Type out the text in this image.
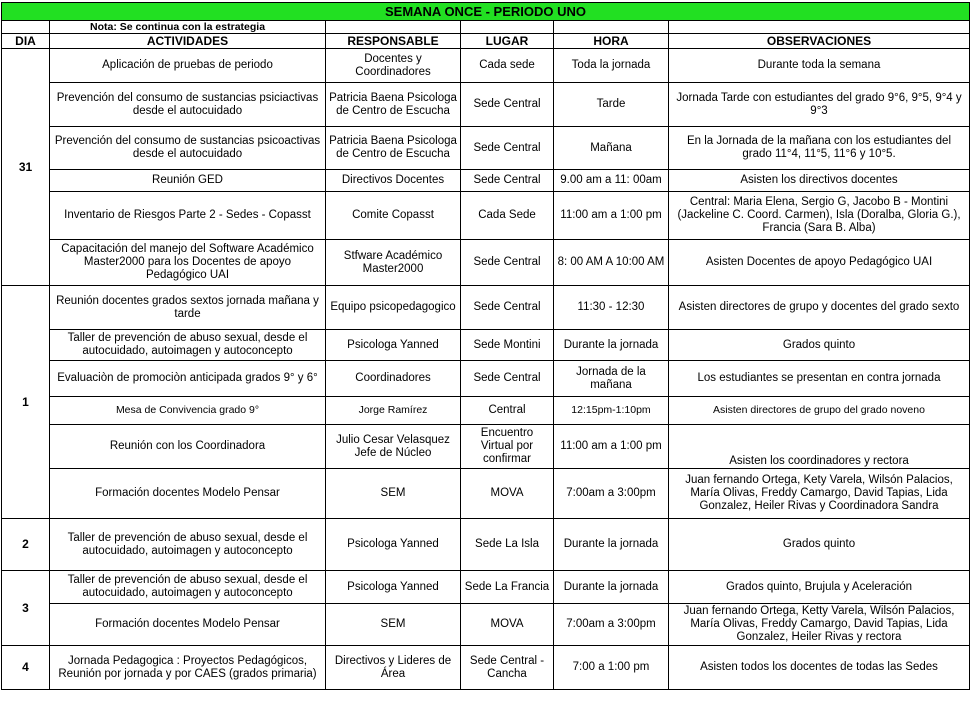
SEMANA ONCE - PERIODO UNO					
	Nota: Se continua con la estrategia				
DIA	ACTIVIDADES	RESPONSABLE	LUGAR	HORA	OBSERVACIONES
31	Aplicación de pruebas de periodo	Docentes y Coordinadores	Cada sede	Toda la jornada	Durante toda la semana
	Prevención del consumo de sustancias psiciactivas desde el autocuidado	Patricia Baena Psicologa de Centro de Escucha	Sede Central	Tarde	Jornada Tarde con estudiantes del grado 9°6, 9°5, 9°4 y 9°3
	Prevención del consumo de sustancias psicoactivas desde el autocuidado	Patricia Baena Psicologa de Centro de Escucha	Sede Central	Mañana	En la Jornada de la mañana con los estudiantes del grado 11°4, 11°5, 11°6 y 10°5.
	Reunión GED	Directivos Docentes	Sede Central	9.00 am a 11: 00am	Asisten los directivos docentes
	Inventario de Riesgos Parte 2 - Sedes - Copasst	Comite Copasst	Cada Sede	11:00 am a 1:00 pm	Central: Maria Elena, Sergio G, Jacobo B - Montini (Jackeline C. Coord. Carmen), Isla (Doralba, Gloria G.), Francia (Sara B. Alba)
	Capacitación del manejo del Software Académico Master2000 para los Docentes de apoyo Pedagógico UAI	Stfware Académico Master2000	Sede Central	8: 00 AM A 10:00 AM	Asisten Docentes de apoyo Pedagógico UAI
1	Reunión docentes grados sextos jornada mañana y tarde	Equipo psicopedagogico	Sede Central	11:30 - 12:30	Asisten directores de grupo y docentes del grado sexto
	Taller de prevención de abuso sexual, desde el autocuidado, autoimagen y autoconcepto	Psicologa Yanned	Sede Montini	Durante la jornada	Grados quinto
	Evaluaciòn de promociòn anticipada grados 9° y 6°	Coordinadores	Sede Central	Jornada de la mañana	Los estudiantes se presentan en contra jornada
	Mesa de Convivencia grado 9°	Jorge Ramírez	Central	12:15pm-1:10pm	Asisten directores de grupo del grado noveno
	Reunión con los Coordinadora	Julio Cesar Velasquez Jefe de Núcleo	Encuentro Virtual por confirmar	11:00 am a 1:00 pm	Asisten los coordinadores y rectora
	Formación docentes Modelo Pensar	SEM	MOVA	7:00am a 3:00pm	Juan fernando Ortega, Kety Varela, Wilsón Palacios, María Olivas, Freddy Camargo, David Tapias, Lida Gonzalez, Heiler Rivas y Coordinadora Sandra
2	Taller de prevención de abuso sexual, desde el autocuidado, autoimagen y autoconcepto	Psicologa Yanned	Sede La Isla	Durante la jornada	Grados quinto
3	Taller de prevención de abuso sexual, desde el autocuidado, autoimagen y autoconcepto	Psicologa Yanned	Sede La Francia	Durante la jornada	Grados quinto, Brujula y Aceleración
	Formación docentes Modelo Pensar	SEM	MOVA	7:00am a 3:00pm	Juan fernando Ortega, Ketty Varela, Wilsón Palacios, María Olivas, Freddy Camargo, David Tapias, Lida Gonzalez, Heiler Rivas y rectora
4	Jornada Pedagogica : Proyectos Pedagógicos, Reunión por jornada y por CAES (grados primaria)	Directivos y Lideres de Área	Sede Central - Cancha	7:00 a 1:00 pm	Asisten todos los docentes de todas las Sedes
